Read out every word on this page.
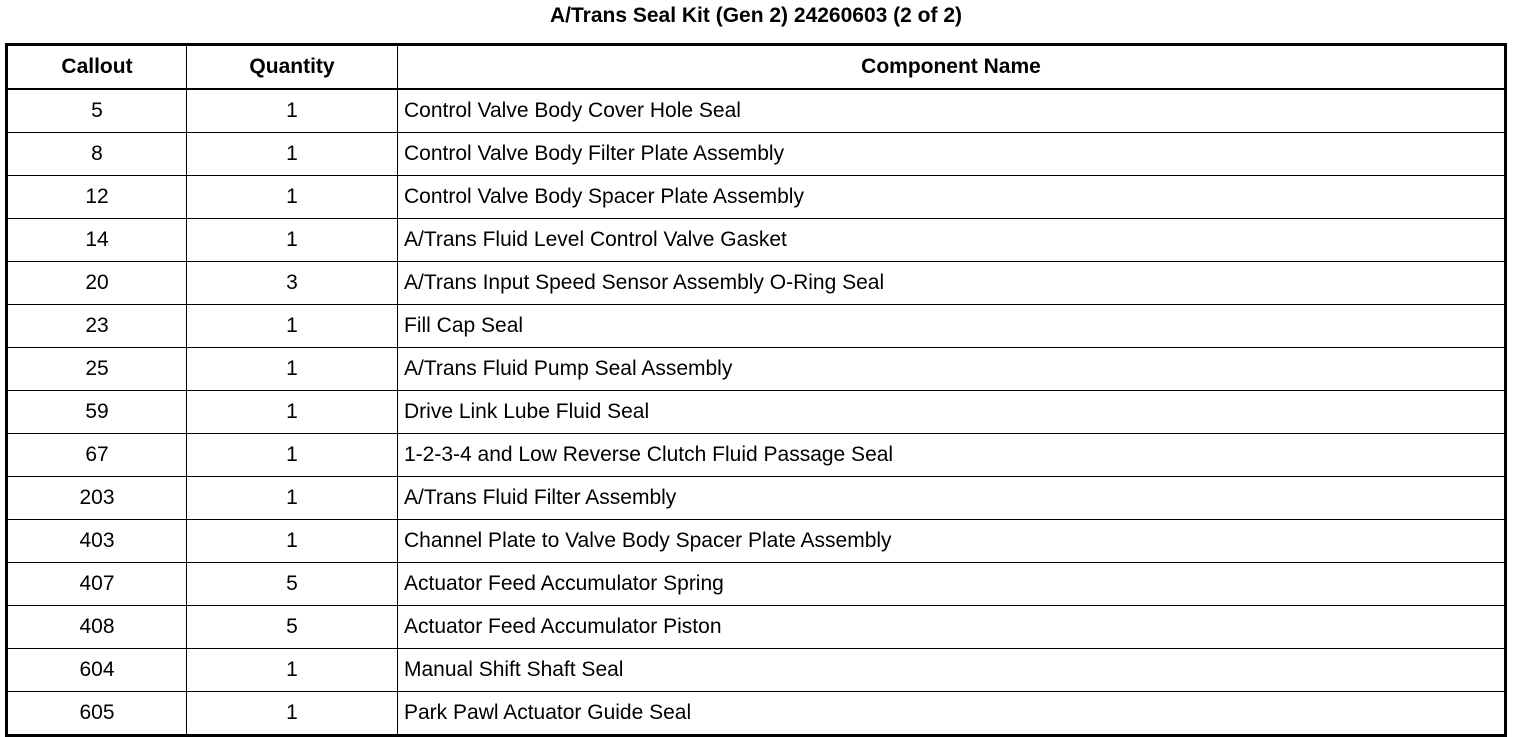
A/Trans Seal Kit (Gen 2) 24260603 (2 of 2)
Callout	Quantity	Component Name
5	1	Control Valve Body Cover Hole Seal
8	1	Control Valve Body Filter Plate Assembly
12	1	Control Valve Body Spacer Plate Assembly
14	1	A/Trans Fluid Level Control Valve Gasket
20	3	A/Trans Input Speed Sensor Assembly O-Ring Seal
23	1	Fill Cap Seal
25	1	A/Trans Fluid Pump Seal Assembly
59	1	Drive Link Lube Fluid Seal
67	1	1-2-3-4 and Low Reverse Clutch Fluid Passage Seal
203	1	A/Trans Fluid Filter Assembly
403	1	Channel Plate to Valve Body Spacer Plate Assembly
407	5	Actuator Feed Accumulator Spring
408	5	Actuator Feed Accumulator Piston
604	1	Manual Shift Shaft Seal
605	1	Park Pawl Actuator Guide Seal
